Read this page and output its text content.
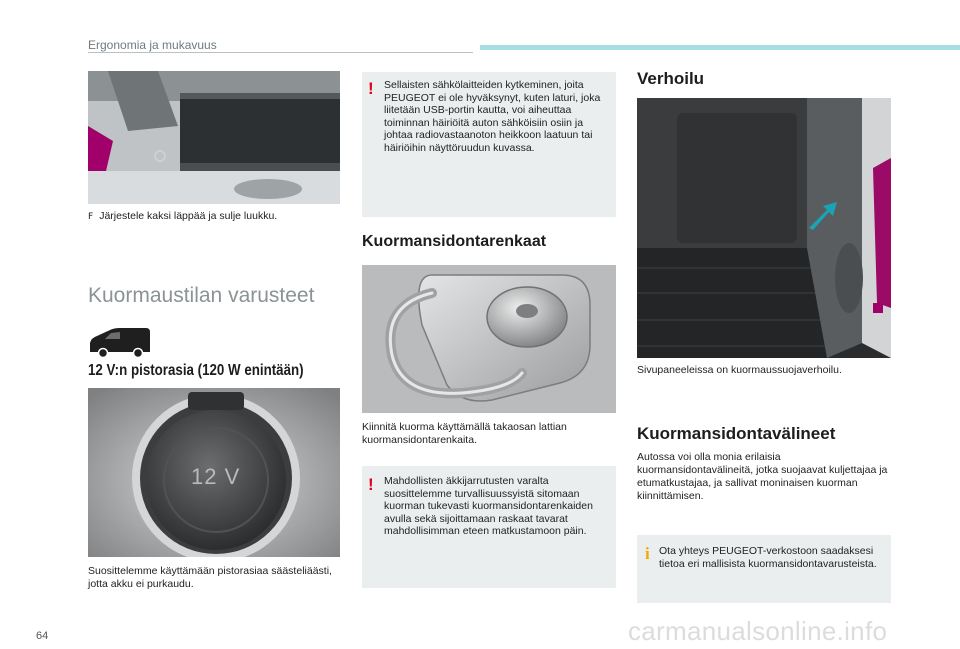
Ergonomia ja mukavuus
F Järjestele kaksi läppää ja sulje luukku.
Kuormaustilan varusteet
12 V:n pistorasia (120 W enintään)
12 V
Suosittelemme käyttämään pistorasiaa säästeliäästi, jotta akku ei purkaudu.
! Sellaisten sähkölaitteiden kytkeminen, joita PEUGEOT ei ole hyväksynyt, kuten laturi, joka liitetään USB-portin kautta, voi aiheuttaa toiminnan häiriöitä auton sähköisiin osiin ja johtaa radiovastaanoton heikkoon laatuun tai häiriöihin näyttöruudun kuvassa.
Kuormansidontarenkaat
Kiinnitä kuorma käyttämällä takaosan lattian kuormansidontarenkaita.
! Mahdollisten äkkijarrutusten varalta suosittelemme turvallisuussyistä sitomaan kuorman tukevasti kuormansidontarenkaiden avulla sekä sijoittamaan raskaat tavarat mahdollisimman eteen matkustamoon päin.
Verhoilu
Sivupaneeleissa on kuormaussuojaverhoilu.
Kuormansidontavälineet
Autossa voi olla monia erilaisia kuormansidontavälineitä, jotka suojaavat kuljettajaa ja etumatkustajaa, ja sallivat moninaisen kuorman kiinnittämisen.
i Ota yhteys PEUGEOT-verkostoon saadaksesi tietoa eri mallisista kuormansidontavarusteista.
64	carmanualsonline.info
